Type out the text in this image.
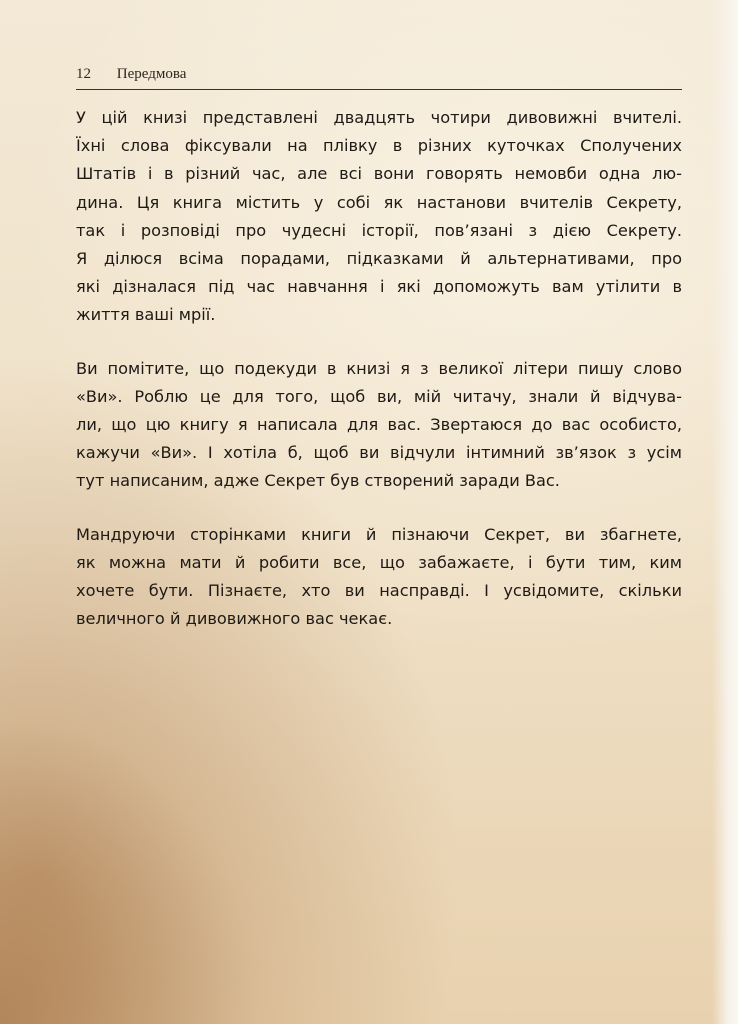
12 Передмова

У цій книзі представлені двадцять чотири дивовижні вчителі.
Їхні слова фіксували на плівку в різних куточках Сполучених
Штатів і в різний час, але всі вони говорять немовби одна лю-
дина. Ця книга містить у собі як настанови вчителів Секрету,
так і розповіді про чудесні історії, пов’язані з дією Секрету.
Я ділюся всіма порадами, підказками й альтернативами, про
які дізналася під час навчання і які допоможуть вам утілити в
життя ваші мрії.

Ви помітите, що подекуди в книзі я з великої літери пишу слово
«Ви». Роблю це для того, щоб ви, мій читачу, знали й відчува-
ли, що цю книгу я написала для вас. Звертаюся до вас особисто,
кажучи «Ви». І хотіла б, щоб ви відчули інтимний зв’язок з усім
тут написаним, адже Секрет був створений заради Вас.

Мандруючи сторінками книги й пізнаючи Секрет, ви збагнете,
як можна мати й робити все, що забажаєте, і бути тим, ким
хочете бути. Пізнаєте, хто ви насправді. І усвідомите, скільки
величного й дивовижного вас чекає.
